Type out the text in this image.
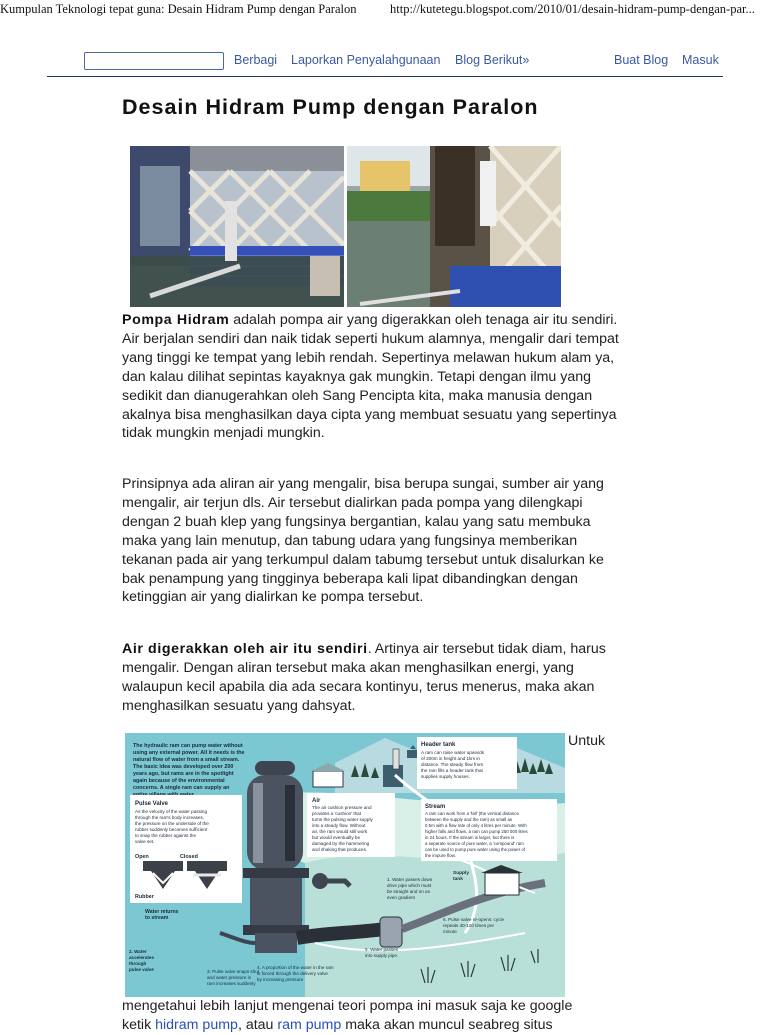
Kumpulan Teknologi tepat guna: Desain Hidram Pump dengan Paralon	http://kutetegu.blogspot.com/2010/01/desain-hidram-pump-dengan-par...
Berbagi Laporkan Penyalahgunaan Blog Berikut»	Buat Blog Masuk
Desain Hidram Pump dengan Paralon

Pompa Hidram adalah pompa air yang digerakkan oleh tenaga air itu sendiri. Air berjalan sendiri dan naik tidak seperti hukum alamnya, mengalir dari tempat yang tinggi ke tempat yang lebih rendah. Sepertinya melawan hukum alam ya, dan kalau dilihat sepintas kayaknya gak mungkin. Tetapi dengan ilmu yang sedikit dan dianugerahkan oleh Sang Pencipta kita, maka manusia dengan akalnya bisa menghasilkan daya cipta yang membuat sesuatu yang sepertinya tidak mungkin menjadi mungkin.

Prinsipnya ada aliran air yang mengalir, bisa berupa sungai, sumber air yang mengalir, air terjun dls. Air tersebut dialirkan pada pompa yang dilengkapi dengan 2 buah klep yang fungsinya bergantian, kalau yang satu membuka maka yang lain menutup, dan tabung udara yang fungsinya memberikan tekanan pada air yang terkumpul dalam tabumg tersebut untuk disalurkan ke bak penampung yang tingginya beberapa kali lipat dibandingkan dengan ketinggian air yang dialirkan ke pompa tersebut.

Air digerakkan oleh air itu sendiri. Artinya air tersebut tidak diam, harus mengalir. Dengan aliran tersebut maka akan menghasilkan energi, yang walaupun kecil apabila dia ada secara kontinyu, terus menerus, maka akan menghasilkan sesuatu yang dahsyat.

The hydraulic ram can pump water without
using any external power. All it needs is the
natural flow of water from a small stream.
The basic idea was developed over 200
years ago, but rams are in the spotlight
again because of the environmental
concerns. A single ram can supply an
Pulse Valve
As the velocity of the water passing
through the ram's body increases,
the pressure on the underside of the
rubber suddenly becomes sufficient
to snap the rubber against the
valve set.
Open	Closed
Rubber
Air
The air cushion pressure and
provides a 'cushion' that
turns the pulsing water supply
into a steady flow. Without
air, the ram would still work
but would eventually be
damaged by the hammering
and shaking that produces.
Header tank
A ram can raise water upwards
of 200m in height and 1km in
distance. The steady flow from
the ram fills a header tank that
supplies supply houses.
Stream
A ram can work from a 'fall' (the vertical distance
between the supply and the ram) as small as
0.5m with a flow rate of only 4 litres per minute. With
higher falls and flows, a ram can pump 250 000 litres
in 24 hours. If the stream is larger, but there is
a separate source of pure water, a 'compound' ram
can be used to pump pure water using the power of
the impure flow.
Supply
tank
1. Water passes down
drive pipe which must
be straight and on an
even gradient
2. Water
accelerates
through
pulse valve	3. Pulse valve snaps shut
and water pressure in
ram increases suddenly
4. A proportion of the water in the ram
is forced through the delivery valve
by increasing pressure
5. Water passes
into supply pipe.
6. Pulse valve re-opens: cycle
repeats 40-120 times per
minute
Water returns
to stream
Untuk

mengetahui lebih lanjut mengenai teori pompa ini masuk saja ke google
ketik hidram pump, atau ram pump maka akan muncul seabreg situs
